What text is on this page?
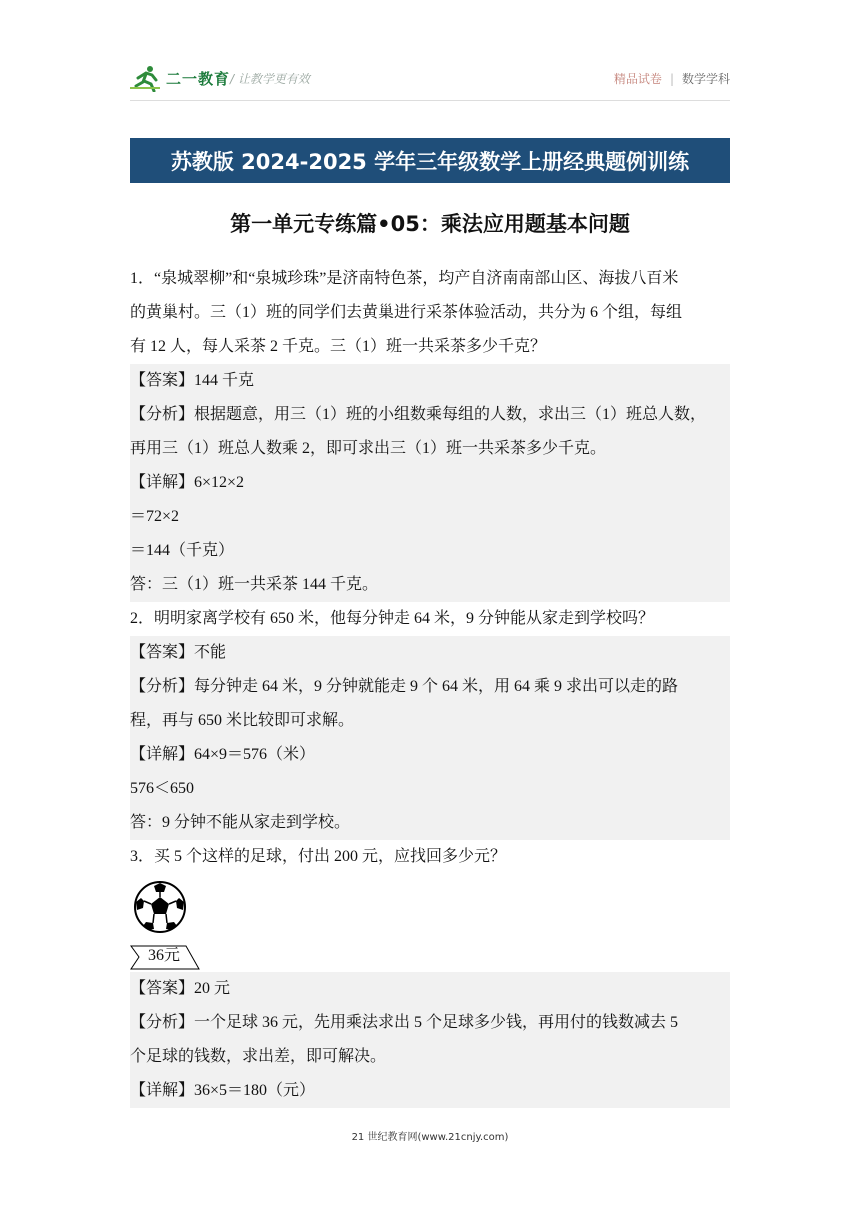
二一教育 / 让教学更有效	精品试卷 | 数学学科
苏教版 2024-2025 学年三年级数学上册经典题例训练
第一单元专练篇•05：乘法应用题基本问题

1．“泉城翠柳”和“泉城珍珠”是济南特色茶，均产自济南南部山区、海拔八百米

的黄巢村。三（1）班的同学们去黄巢进行采茶体验活动，共分为 6 个组，每组

有 12 人，每人采茶 2 千克。三（1）班一共采茶多少千克？

【答案】144 千克

【分析】根据题意，用三（1）班的小组数乘每组的人数，求出三（1）班总人数，

再用三（1）班总人数乘 2，即可求出三（1）班一共采茶多少千克。

【详解】6×12×2

＝72×2

＝144（千克）

答：三（1）班一共采茶 144 千克。

2．明明家离学校有 650 米，他每分钟走 64 米，9 分钟能从家走到学校吗？

【答案】不能

【分析】每分钟走 64 米，9 分钟就能走 9 个 64 米，用 64 乘 9 求出可以走的路

程，再与 650 米比较即可求解。

【详解】64×9＝576（米）

576＜650

答：9 分钟不能从家走到学校。

3．买 5 个这样的足球，付出 200 元，应找回多少元？

36元

【答案】20 元

【分析】一个足球 36 元，先用乘法求出 5 个足球多少钱，再用付的钱数减去 5

个足球的钱数，求出差，即可解决。

【详解】36×5＝180（元）

21 世纪教育网(www.21cnjy.com)
